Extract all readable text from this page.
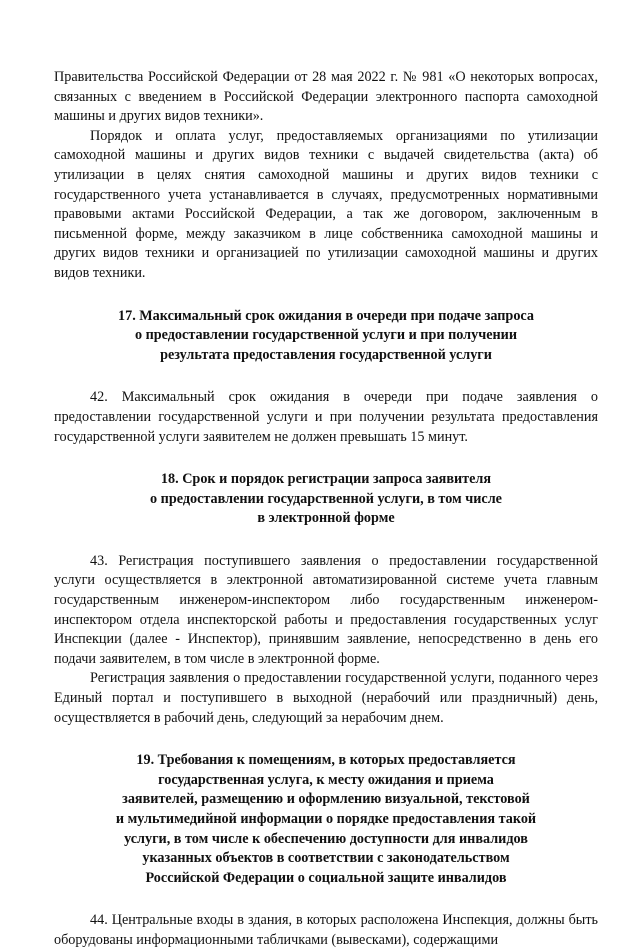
Правительства Российской Федерации от 28 мая 2022 г. № 981 «О некоторых вопросах, связанных с введением в Российской Федерации электронного паспорта самоходной машины и других видов техники».

Порядок и оплата услуг, предоставляемых организациями по утилизации самоходной машины и других видов техники с выдачей свидетельства (акта) об утилизации в целях снятия самоходной машины и других видов техники с государственного учета устанавливается в случаях, предусмотренных нормативными правовыми актами Российской Федерации, а так же договором, заключенным в письменной форме, между заказчиком в лице собственника самоходной машины и других видов техники и организацией по утилизации самоходной машины и других видов техники.

17. Максимальный срок ожидания в очереди при подаче запроса
о предоставлении государственной услуги и при получении
результата предоставления государственной услуги

42. Максимальный срок ожидания в очереди при подаче заявления о предоставлении государственной услуги и при получении результата предоставления государственной услуги заявителем не должен превышать 15 минут.

18. Срок и порядок регистрации запроса заявителя
о предоставлении государственной услуги, в том числе
в электронной форме

43. Регистрация поступившего заявления о предоставлении государственной услуги осуществляется в электронной автоматизированной системе учета главным государственным инженером-инспектором либо государственным инженером-инспектором отдела инспекторской работы и предоставления государственных услуг Инспекции (далее - Инспектор), принявшим заявление, непосредственно в день его подачи заявителем, в том числе в электронной форме.

Регистрация заявления о предоставлении государственной услуги, поданного через Единый портал и поступившего в выходной (нерабочий или праздничный) день, осуществляется в рабочий день, следующий за нерабочим днем.

19. Требования к помещениям, в которых предоставляется
государственная услуга, к месту ожидания и приема
заявителей, размещению и оформлению визуальной, текстовой
и мультимедийной информации о порядке предоставления такой
услуги, в том числе к обеспечению доступности для инвалидов
указанных объектов в соответствии с законодательством
Российской Федерации о социальной защите инвалидов

44. Центральные входы в здания, в которых расположена Инспекция, должны быть оборудованы информационными табличками (вывесками), содержащими
